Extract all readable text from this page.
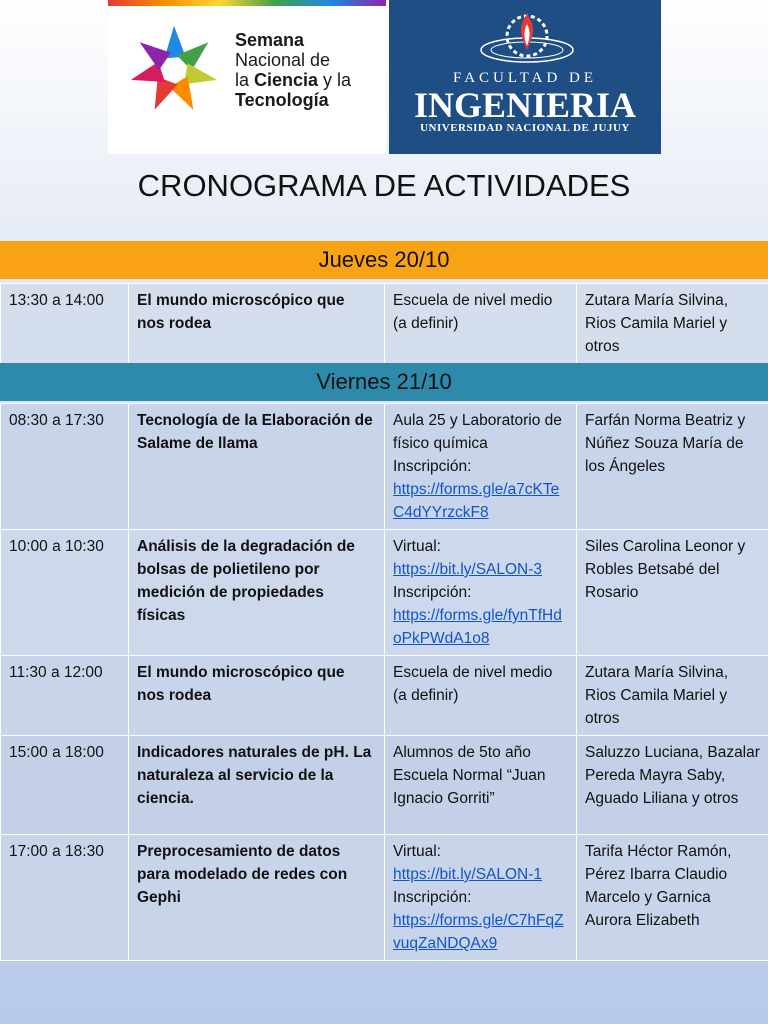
Semana
Nacional de
la Ciencia y la
Tecnología
FACULTAD DE
INGENIERIA
UNIVERSIDAD NACIONAL DE JUJUY
CRONOGRAMA DE ACTIVIDADES
Jueves 20/10
13:30 a 14:00	El mundo microscópico que nos rodea	Escuela de nivel medio (a definir)	Zutara María Silvina, Rios Camila Mariel y otros
Viernes 21/10
08:30 a 17:30	Tecnología de la Elaboración de Salame de llama	Aula 25 y Laboratorio de físico química
Inscripción:
https://forms.gle/a7cKTeC4dYYrzckF8	Farfán Norma Beatriz y Núñez Souza María de los Ángeles
10:00 a 10:30	Análisis de la degradación de bolsas de polietileno por medición de propiedades físicas	Virtual:
https://bit.ly/SALON-3
Inscripción:
https://forms.gle/fynTfHdoPkPWdA1o8	Siles Carolina Leonor y Robles Betsabé del Rosario
11:30 a 12:00	El mundo microscópico que nos rodea	Escuela de nivel medio (a definir)	Zutara María Silvina, Rios Camila Mariel y otros
15:00 a 18:00	Indicadores naturales de pH. La naturaleza al servicio de la ciencia.	Alumnos de 5to año Escuela Normal “Juan Ignacio Gorriti”	Saluzzo Luciana, Bazalar Pereda Mayra Saby, Aguado Liliana y otros
17:00 a 18:30	Preprocesamiento de datos para modelado de redes con Gephi	Virtual:
https://bit.ly/SALON-1
Inscripción:
https://forms.gle/C7hFqZvuqZaNDQAx9	Tarifa Héctor Ramón, Pérez Ibarra Claudio Marcelo y Garnica Aurora Elizabeth
